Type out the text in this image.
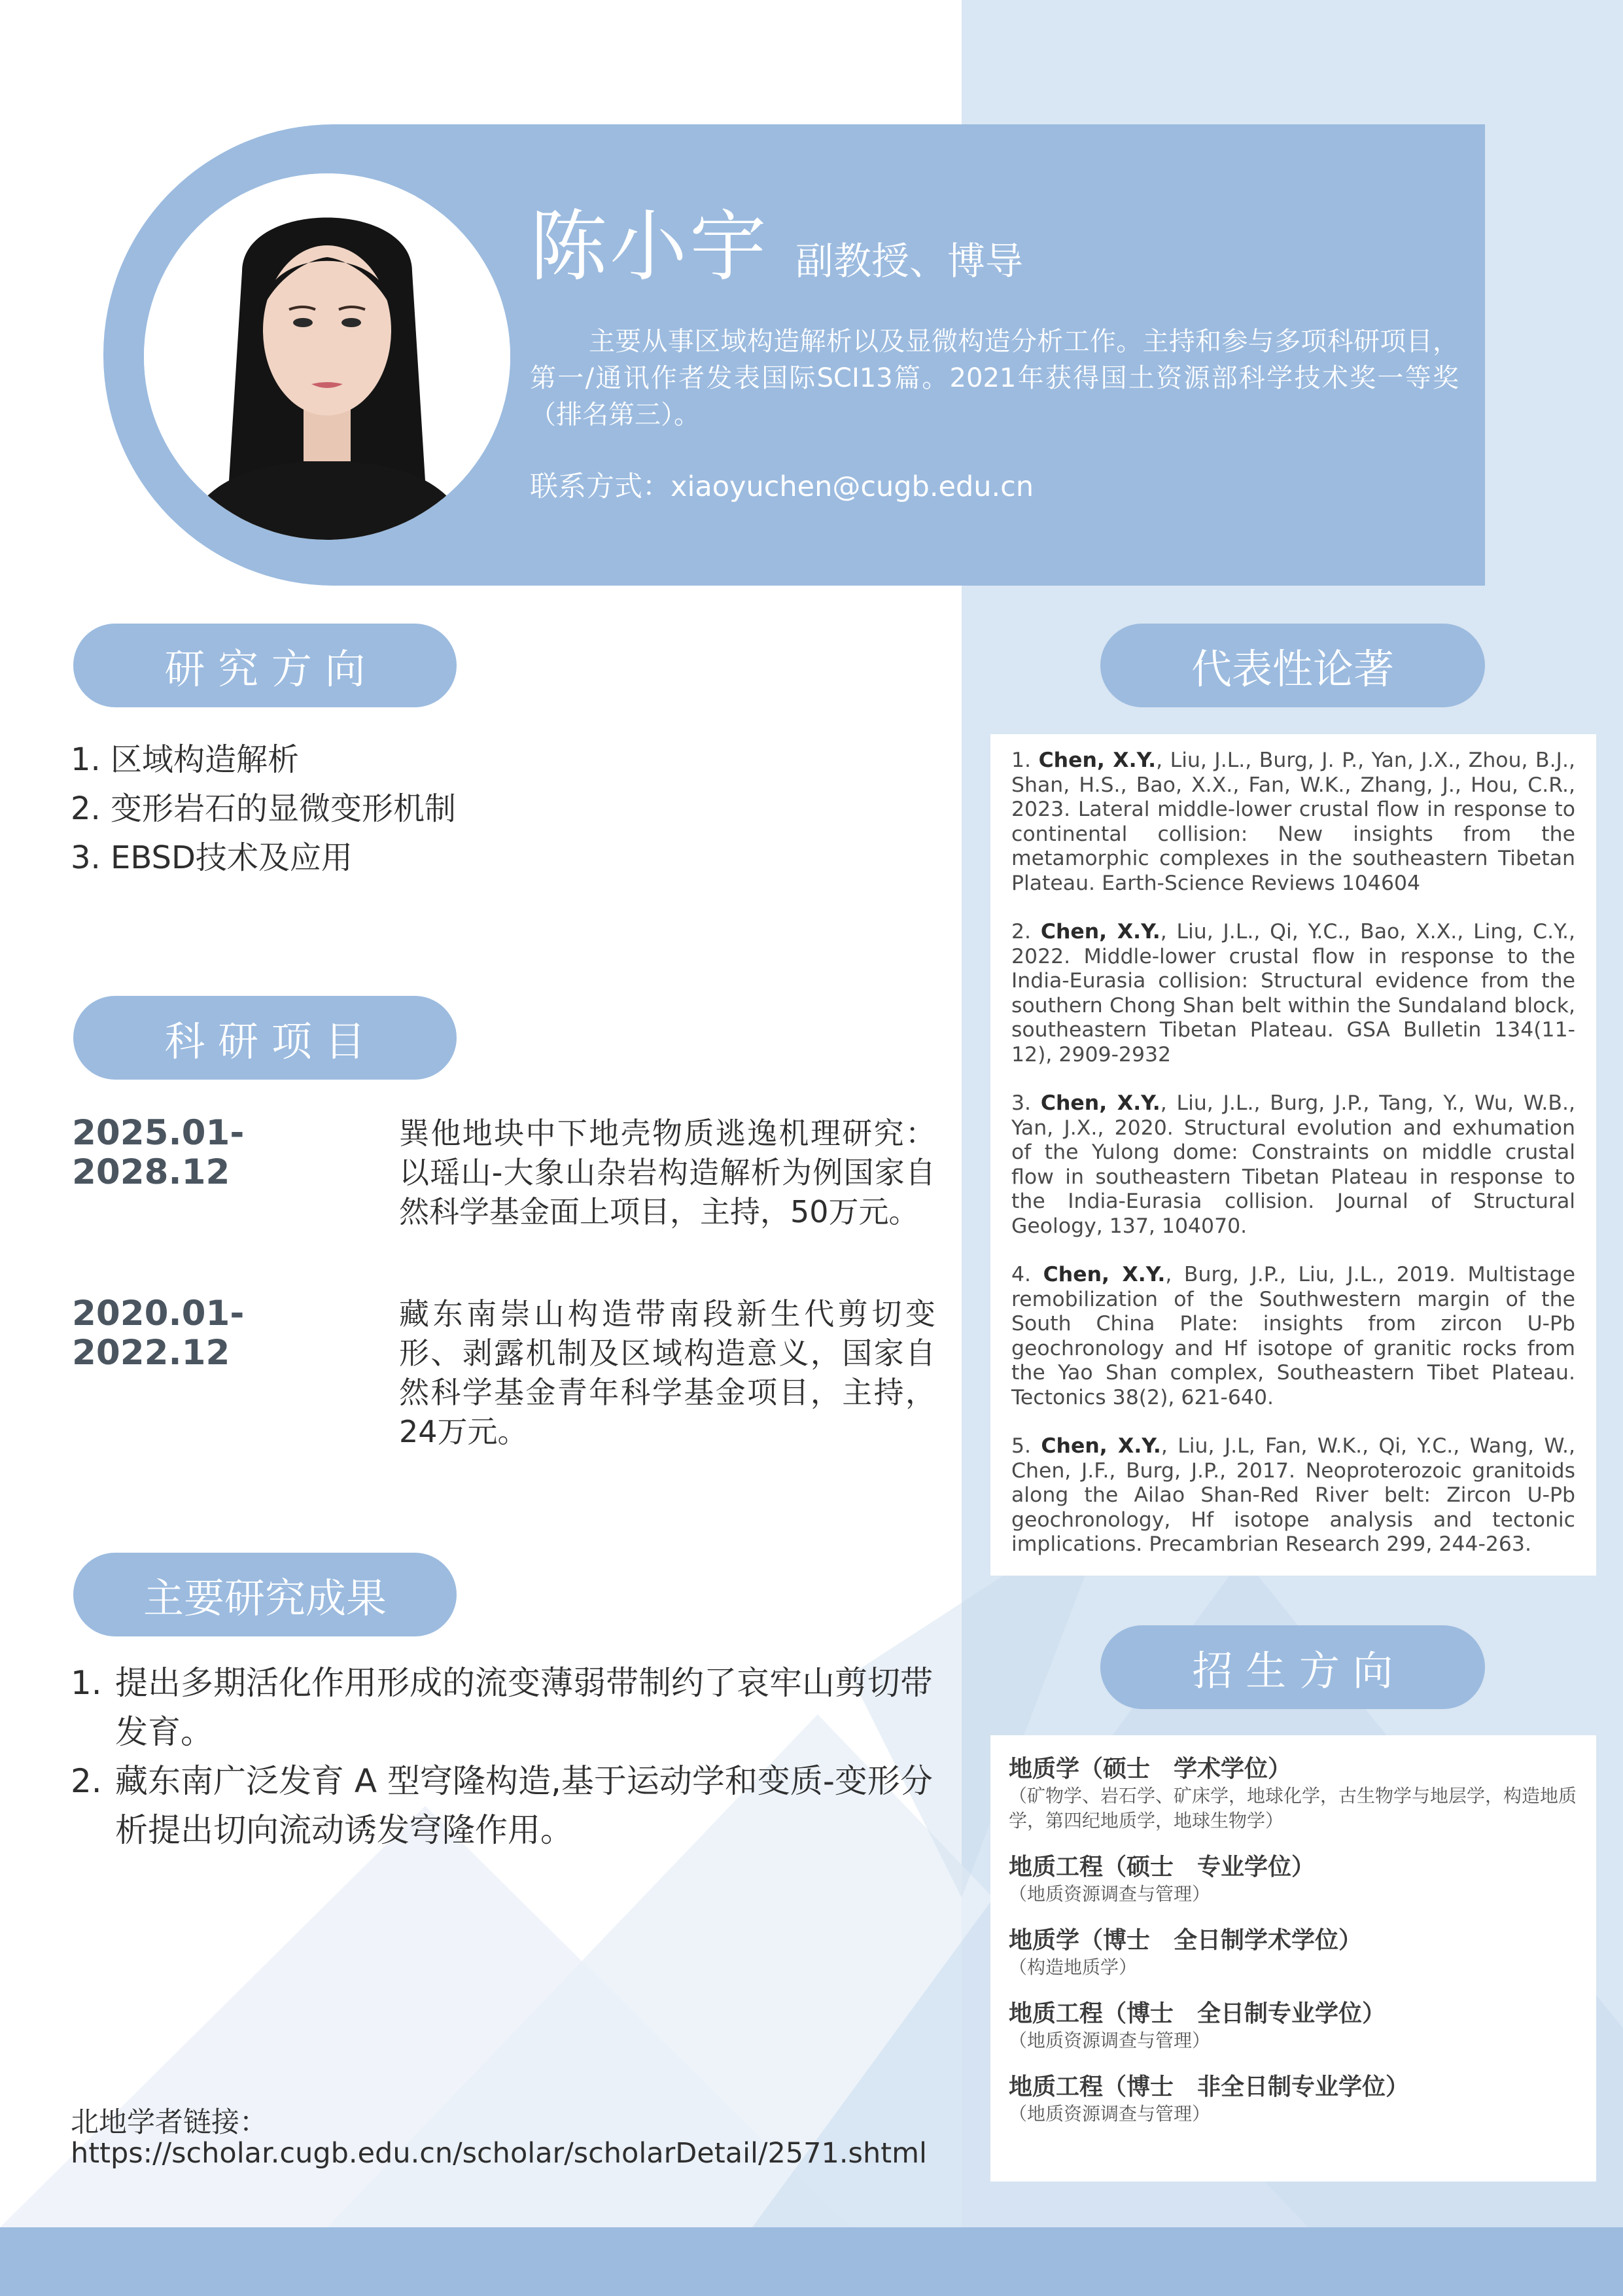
陈小宇 副教授、博导

主要从事区域构造解析以及显微构造分析工作。主持和参与多项科研项目，第一/通讯作者发表国际SCI13篇。2021年获得国土资源部科学技术奖一等奖（排名第三）。

联系方式：xiaoyuchen@cugb.edu.cn
研 究 方 向
1. 区域构造解析
2. 变形岩石的显微变形机制
3. EBSD技术及应用
科 研 项 目
2025.01-2028.12
巽他地块中下地壳物质逃逸机理研究：以瑶山-大象山杂岩构造解析为例国家自然科学基金面上项目，主持，50万元。
2020.01-2022.12
藏东南崇山构造带南段新生代剪切变形、剥露机制及区域构造意义，国家自然科学基金青年科学基金项目，主持，24万元。
主要研究成果
1. 提出多期活化作用形成的流变薄弱带制约了哀牢山剪切带发育。
2. 藏东南广泛发育 A 型穹隆构造,基于运动学和变质-变形分析提出切向流动诱发穹隆作用。
北地学者链接：
https://scholar.cugb.edu.cn/scholar/scholarDetail/2571.shtml
代表性论著

1. Chen, X.Y., Liu, J.L., Burg, J. P., Yan, J.X., Zhou, B.J., Shan, H.S., Bao, X.X., Fan, W.K., Zhang, J., Hou, C.R., 2023. Lateral middle-lower crustal flow in response to continental collision: New insights from the metamorphic complexes in the southeastern Tibetan Plateau. Earth-Science Reviews 104604

2. Chen, X.Y., Liu, J.L., Qi, Y.C., Bao, X.X., Ling, C.Y., 2022. Middle-lower crustal flow in response to the India-Eurasia collision: Structural evidence from the southern Chong Shan belt within the Sundaland block, southeastern Tibetan Plateau. GSA Bulletin 134(11-12), 2909-2932

3. Chen, X.Y., Liu, J.L., Burg, J.P., Tang, Y., Wu, W.B., Yan, J.X., 2020. Structural evolution and exhumation of the Yulong dome: Constraints on middle crustal flow in southeastern Tibetan Plateau in response to the India-Eurasia collision. Journal of Structural Geology, 137, 104070.

4. Chen, X.Y., Burg, J.P., Liu, J.L., 2019. Multistage remobilization of the Southwestern margin of the South China Plate: insights from zircon U-Pb geochronology and Hf isotope of granitic rocks from the Yao Shan complex, Southeastern Tibet Plateau. Tectonics 38(2), 621-640.

5. Chen, X.Y., Liu, J.L, Fan, W.K., Qi, Y.C., Wang, W., Chen, J.F., Burg, J.P., 2017. Neoproterozoic granitoids along the Ailao Shan-Red River belt: Zircon U-Pb geochronology, Hf isotope analysis and tectonic implications. Precambrian Research 299, 244-263.

招 生 方 向
地质学（硕士　学术学位）
（矿物学、岩石学、矿床学，地球化学，古生物学与地层学，构造地质学，第四纪地质学，地球生物学）
地质工程（硕士　专业学位）
（地质资源调查与管理）
地质学（博士　全日制学术学位）
（构造地质学）
地质工程（博士　全日制专业学位）
（地质资源调查与管理）
地质工程（博士　非全日制专业学位）
（地质资源调查与管理）
